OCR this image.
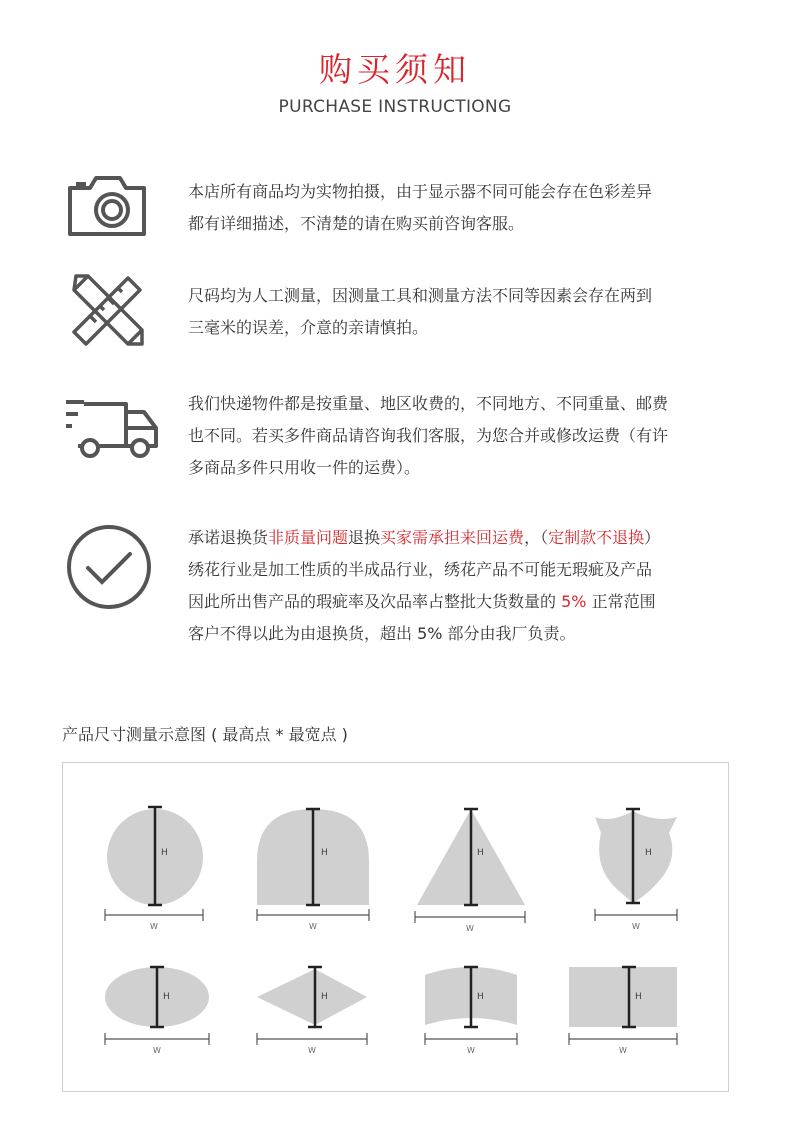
购买须知
PURCHASE INSTRUCTIONG
本店所有商品均为实物拍摄，由于显示器不同可能会存在色彩差异
都有详细描述，不清楚的请在购买前咨询客服。
尺码均为人工测量，因测量工具和测量方法不同等因素会存在两到
三毫米的误差，介意的亲请慎拍。
我们快递物件都是按重量、地区收费的，不同地方、不同重量、邮费
也不同。若买多件商品请咨询我们客服，为您合并或修改运费（有许
多商品多件只用收一件的运费）。
承诺退换货非质量问题退换买家需承担来回运费，（定制款不退换）
绣花行业是加工性质的半成品行业，绣花产品不可能无瑕疵及产品
因此所出售产品的瑕疵率及次品率占整批大货数量的 5% 正常范围
客户不得以此为由退换货，超出 5% 部分由我厂负责。
产品尺寸测量示意图 ( 最高点 * 最宽点 )
H	H	H	H
H	H	H	H
W	W	W	W
W	W	W	W
